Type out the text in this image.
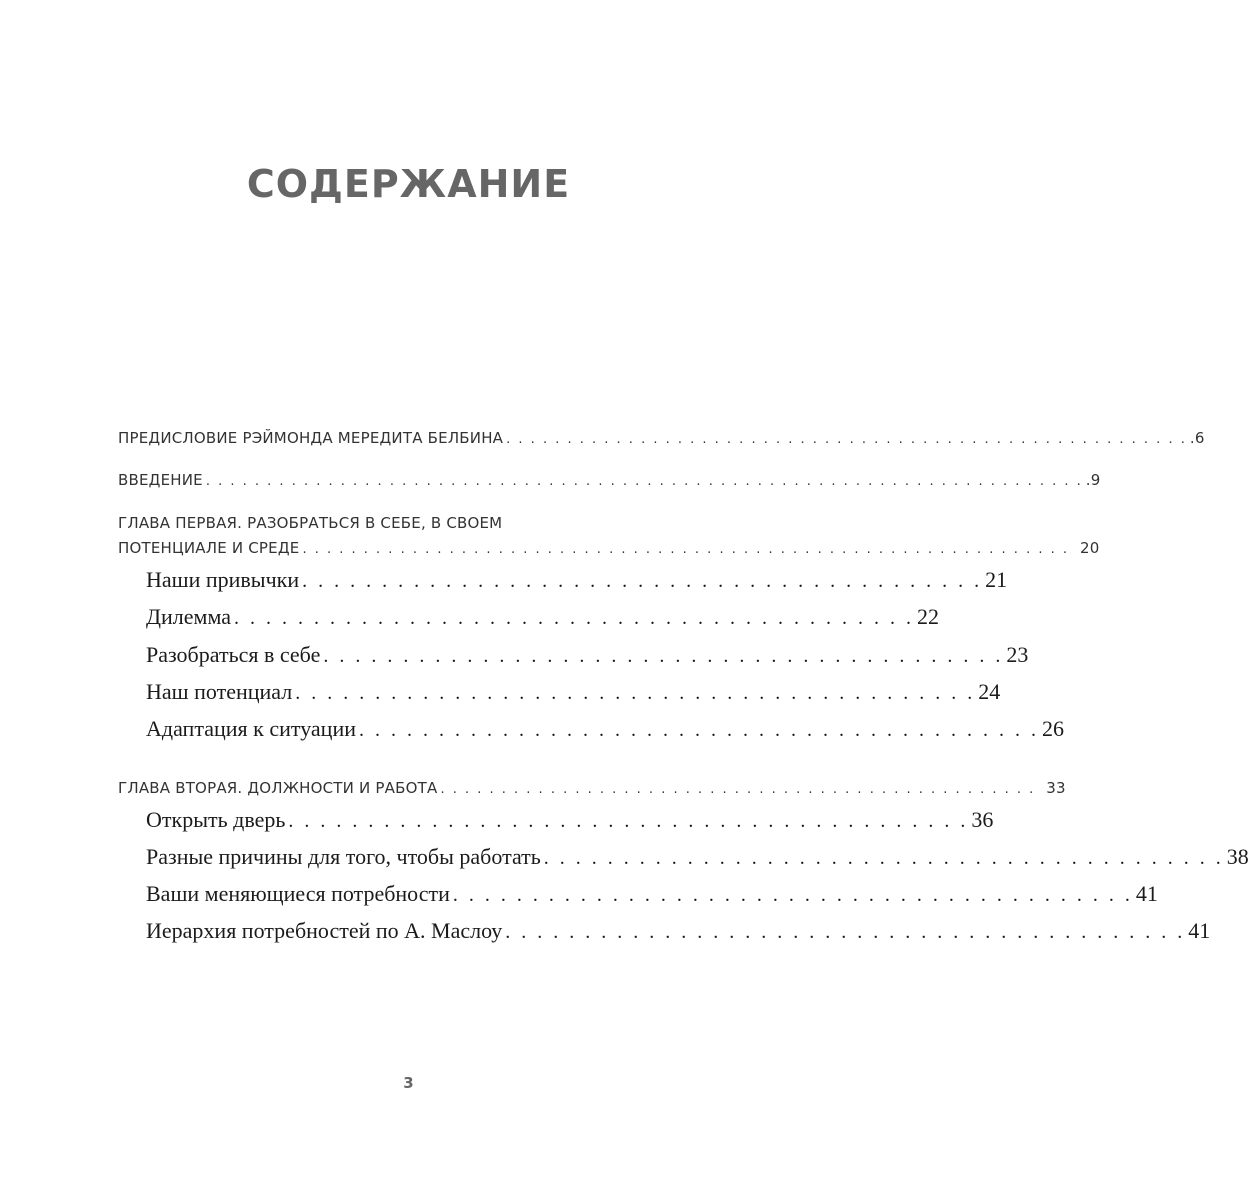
СОДЕРЖАНИЕ
ПРЕДИСЛОВИЕ РЭЙМОНДА МЕРЕДИТА БЕЛБИНА . . . . . . . . . . . . . . . . . . . . . . . . . . . . . . . . . . . . . . . . . . . . . . . . . . . . . . . . .6
ВВЕДЕНИЕ . . . . . . . . . . . . . . . . . . . . . . . . . . . . . . . . . . . . . . . . . . . . . . . . . . . . . . . . . . . . . . . . . . . . . . . . .9
ГЛАВА ПЕРВАЯ. РАЗОБРАТЬСЯ В СЕБЕ, В СВОЕМ
ПОТЕНЦИАЛЕ И СРЕДЕ . . . . . . . . . . . . . . . . . . . . . . . . . . . . . . . . . . . . . . . . . . . . . . . . . . . . . . . . . . . . . . . 20
Наши привычки . . . . . . . . . . . . . . . . . . . . . . . . . . . . . . . . . . . . . . . . . . . 21
Дилемма . . . . . . . . . . . . . . . . . . . . . . . . . . . . . . . . . . . . . . . . . . . 22
Разобраться в себе . . . . . . . . . . . . . . . . . . . . . . . . . . . . . . . . . . . . . . . . . . . 23
Наш потенциал . . . . . . . . . . . . . . . . . . . . . . . . . . . . . . . . . . . . . . . . . . . 24
Адаптация к ситуации . . . . . . . . . . . . . . . . . . . . . . . . . . . . . . . . . . . . . . . . . . . 26
ГЛАВА ВТОРАЯ. ДОЛЖНОСТИ И РАБОТА . . . . . . . . . . . . . . . . . . . . . . . . . . . . . . . . . . . . . . . . . . . . . . . . . 33
Открыть дверь . . . . . . . . . . . . . . . . . . . . . . . . . . . . . . . . . . . . . . . . . . . 36
Разные причины для того, чтобы работать . . . . . . . . . . . . . . . . . . . . . . . . . . . . . . . . . . . . . . . . . . . 38
Ваши меняющиеся потребности . . . . . . . . . . . . . . . . . . . . . . . . . . . . . . . . . . . . . . . . . . . 41
Иерархия потребностей по А. Маслоу . . . . . . . . . . . . . . . . . . . . . . . . . . . . . . . . . . . . . . . . . . . 41
3
